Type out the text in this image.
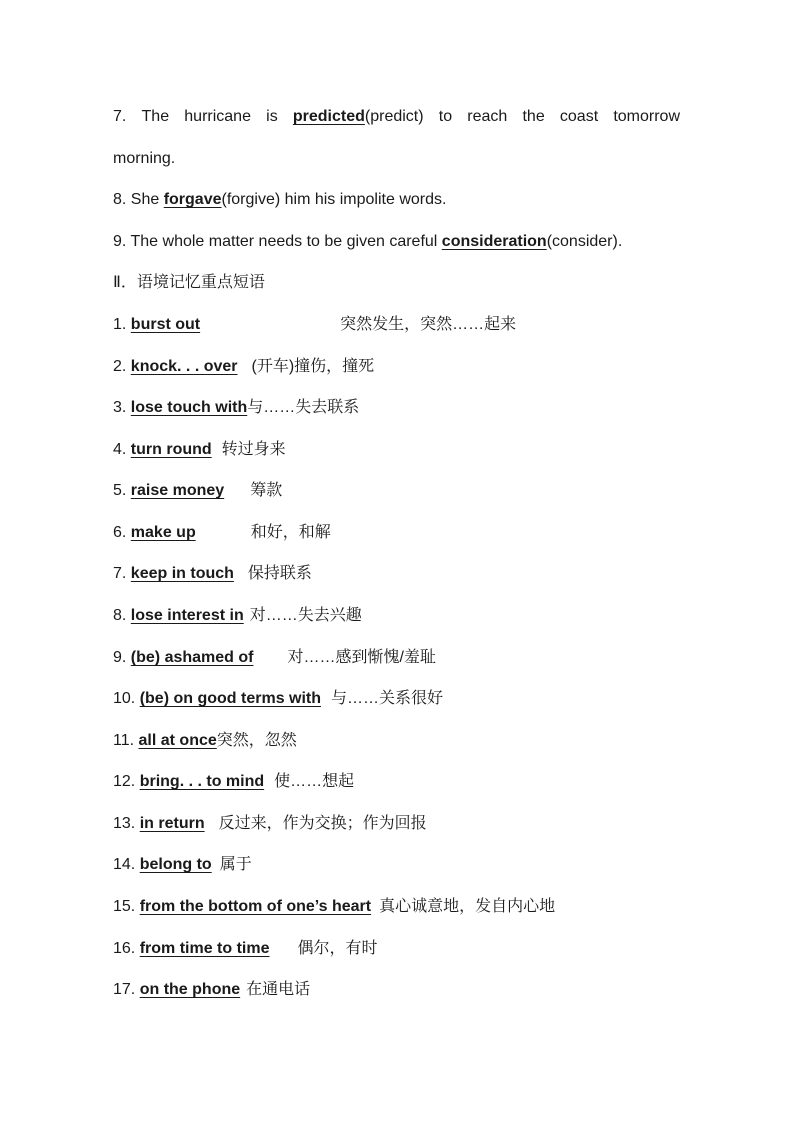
7. The hurricane is predicted(predict) to reach the coast tomorrow
morning.
8. She forgave(forgive) him his impolite words.
9. The whole matter needs to be given careful consideration(consider).
Ⅱ．语境记忆重点短语
1. burst out	突然发生，突然……起来
2. knock. . . over (开车)撞伤，撞死
3. lose touch with与……失去联系
4. turn round 转过身来
5. raise money 筹款
6. make up	和好，和解
7. keep in touch 保持联系
8. lose interest in 对……失去兴趣
9. (be) ashamed of 对……感到惭愧/羞耻
10. (be) on good terms with 与……关系很好
11. all at once突然，忽然
12. bring. . . to mind 使……想起
13. in return 反过来，作为交换；作为回报
14. belong to 属于
15. from the bottom of one’s heart 真心诚意地，发自内心地
16. from time to time 偶尔，有时
17. on the phone 在通电话
